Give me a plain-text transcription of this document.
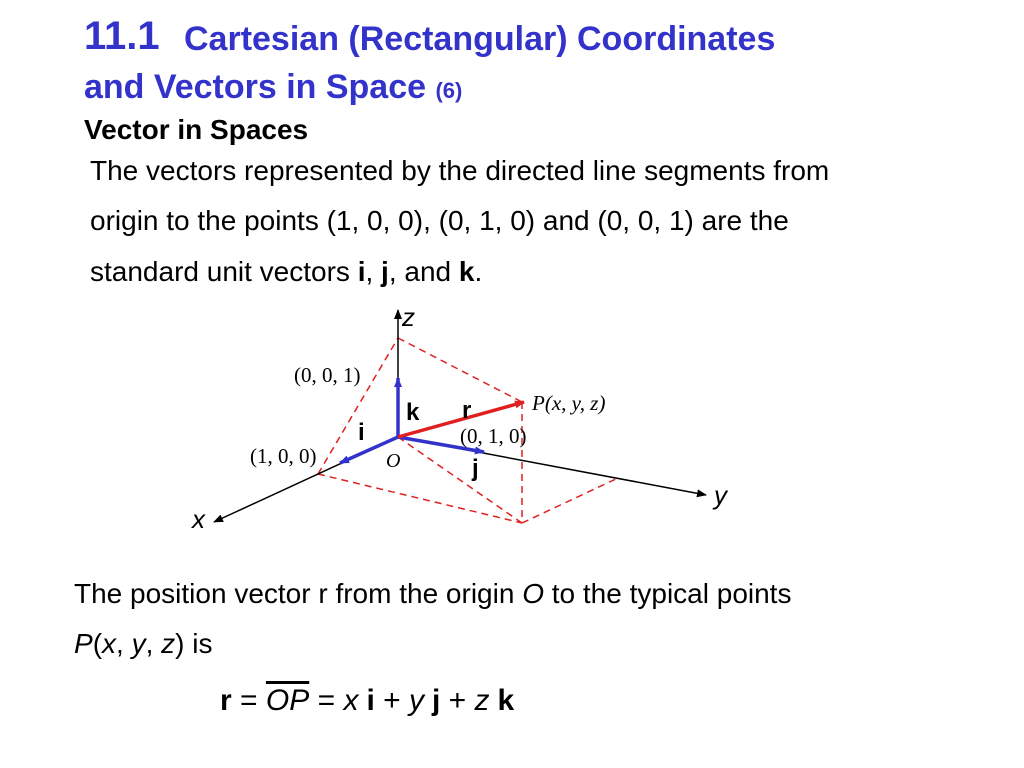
11.1 Cartesian (Rectangular) Coordinates
and Vectors in Space (6)
Vector in Spaces
The vectors represented by the directed line segments from
origin to the points (1, 0, 0), (0, 1, 0) and (0, 0, 1) are the
standard unit vectors i, j, and k.
z
y
x
O
(0, 0, 1)
(1, 0, 0)
(0, 1, 0)
k
i
j
r	P(x, y, z)
The position vector r from the origin O to the typical points
P(x, y, z) is
$r = \overline{OP} = x$ i + y j + z k
